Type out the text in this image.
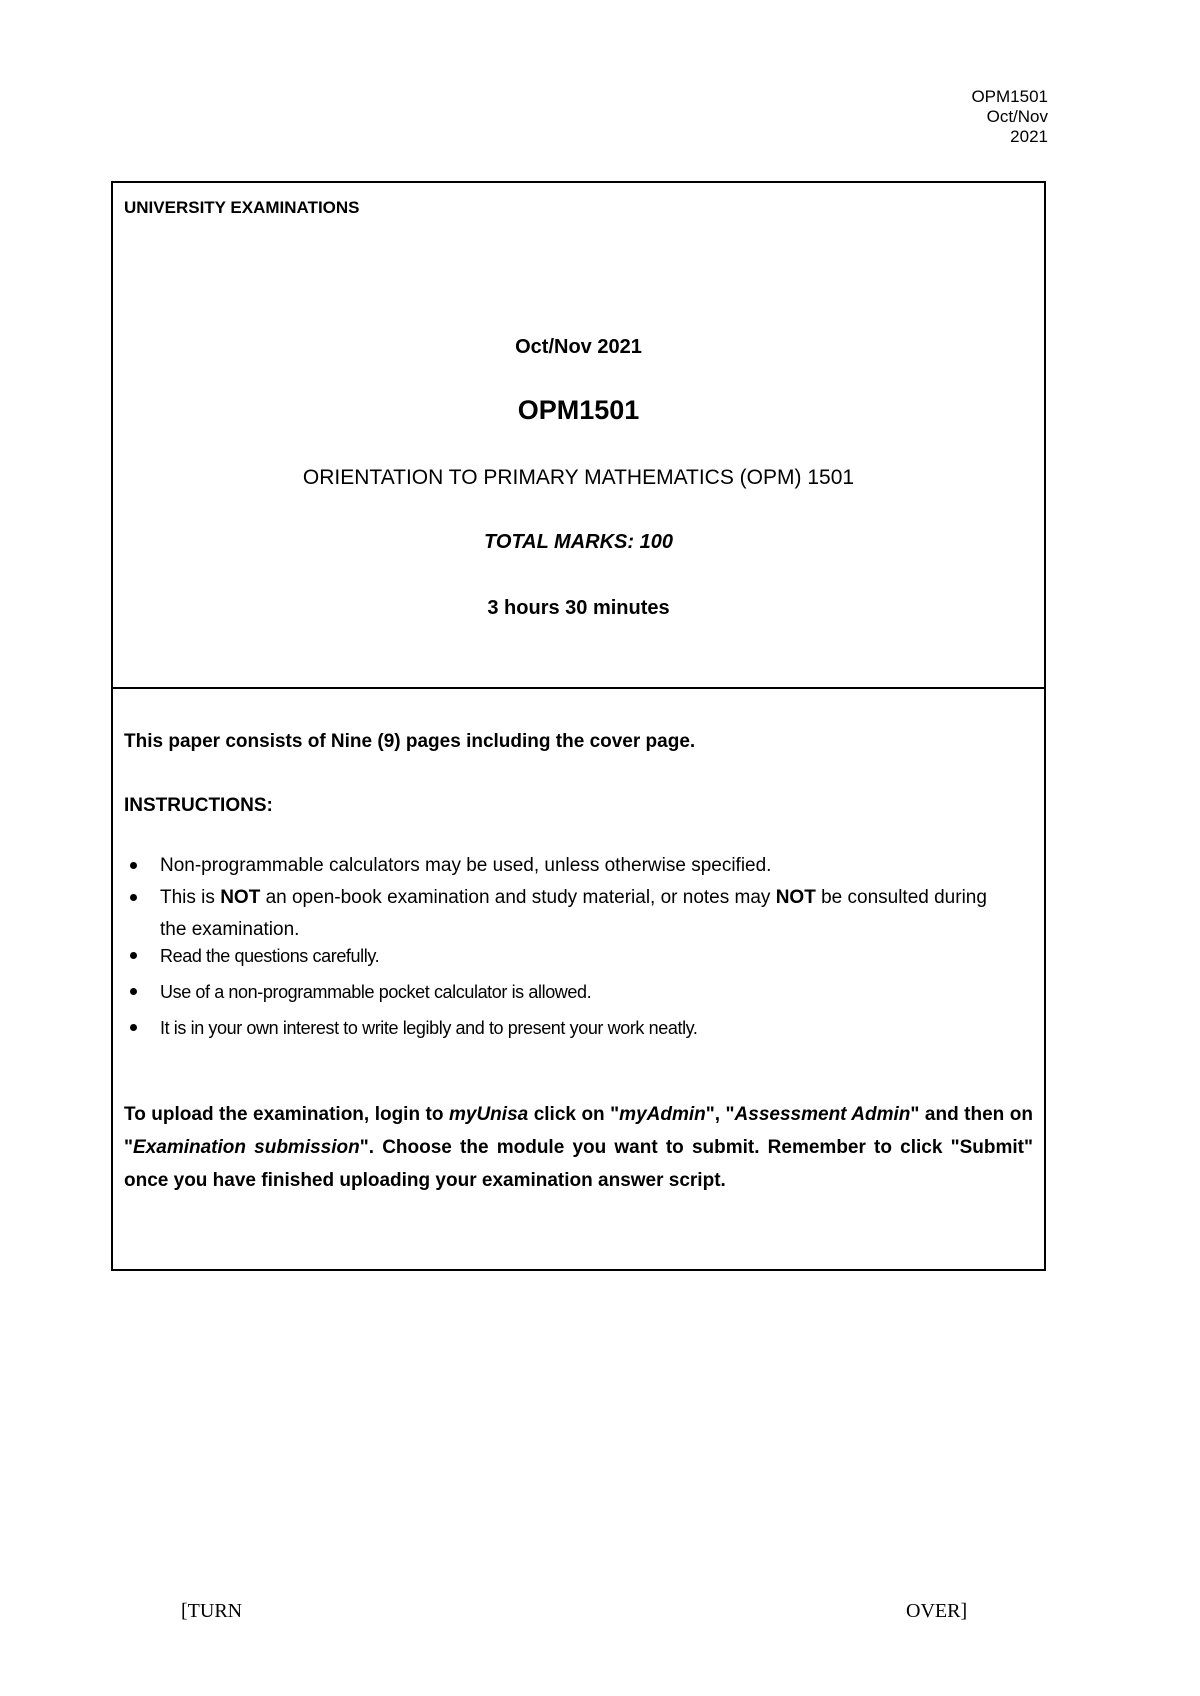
OPM1501
Oct/Nov
2021
UNIVERSITY EXAMINATIONS
Oct/Nov 2021
OPM1501
ORIENTATION TO PRIMARY MATHEMATICS (OPM) 1501
TOTAL MARKS: 100
3 hours 30 minutes
This paper consists of Nine (9) pages including the cover page.
INSTRUCTIONS:
Non-programmable calculators may be used, unless otherwise specified.
This is NOT an open-book examination and study material, or notes may NOT be consulted during the examination.
Read the questions carefully.
Use of a non-programmable pocket calculator is allowed.
It is in your own interest to write legibly and to present your work neatly.
To upload the examination, login to myUnisa click on "myAdmin", "Assessment Admin" and then on "Examination submission". Choose the module you want to submit. Remember to click "Submit" once you have finished uploading your examination answer script.
[TURN	OVER]
